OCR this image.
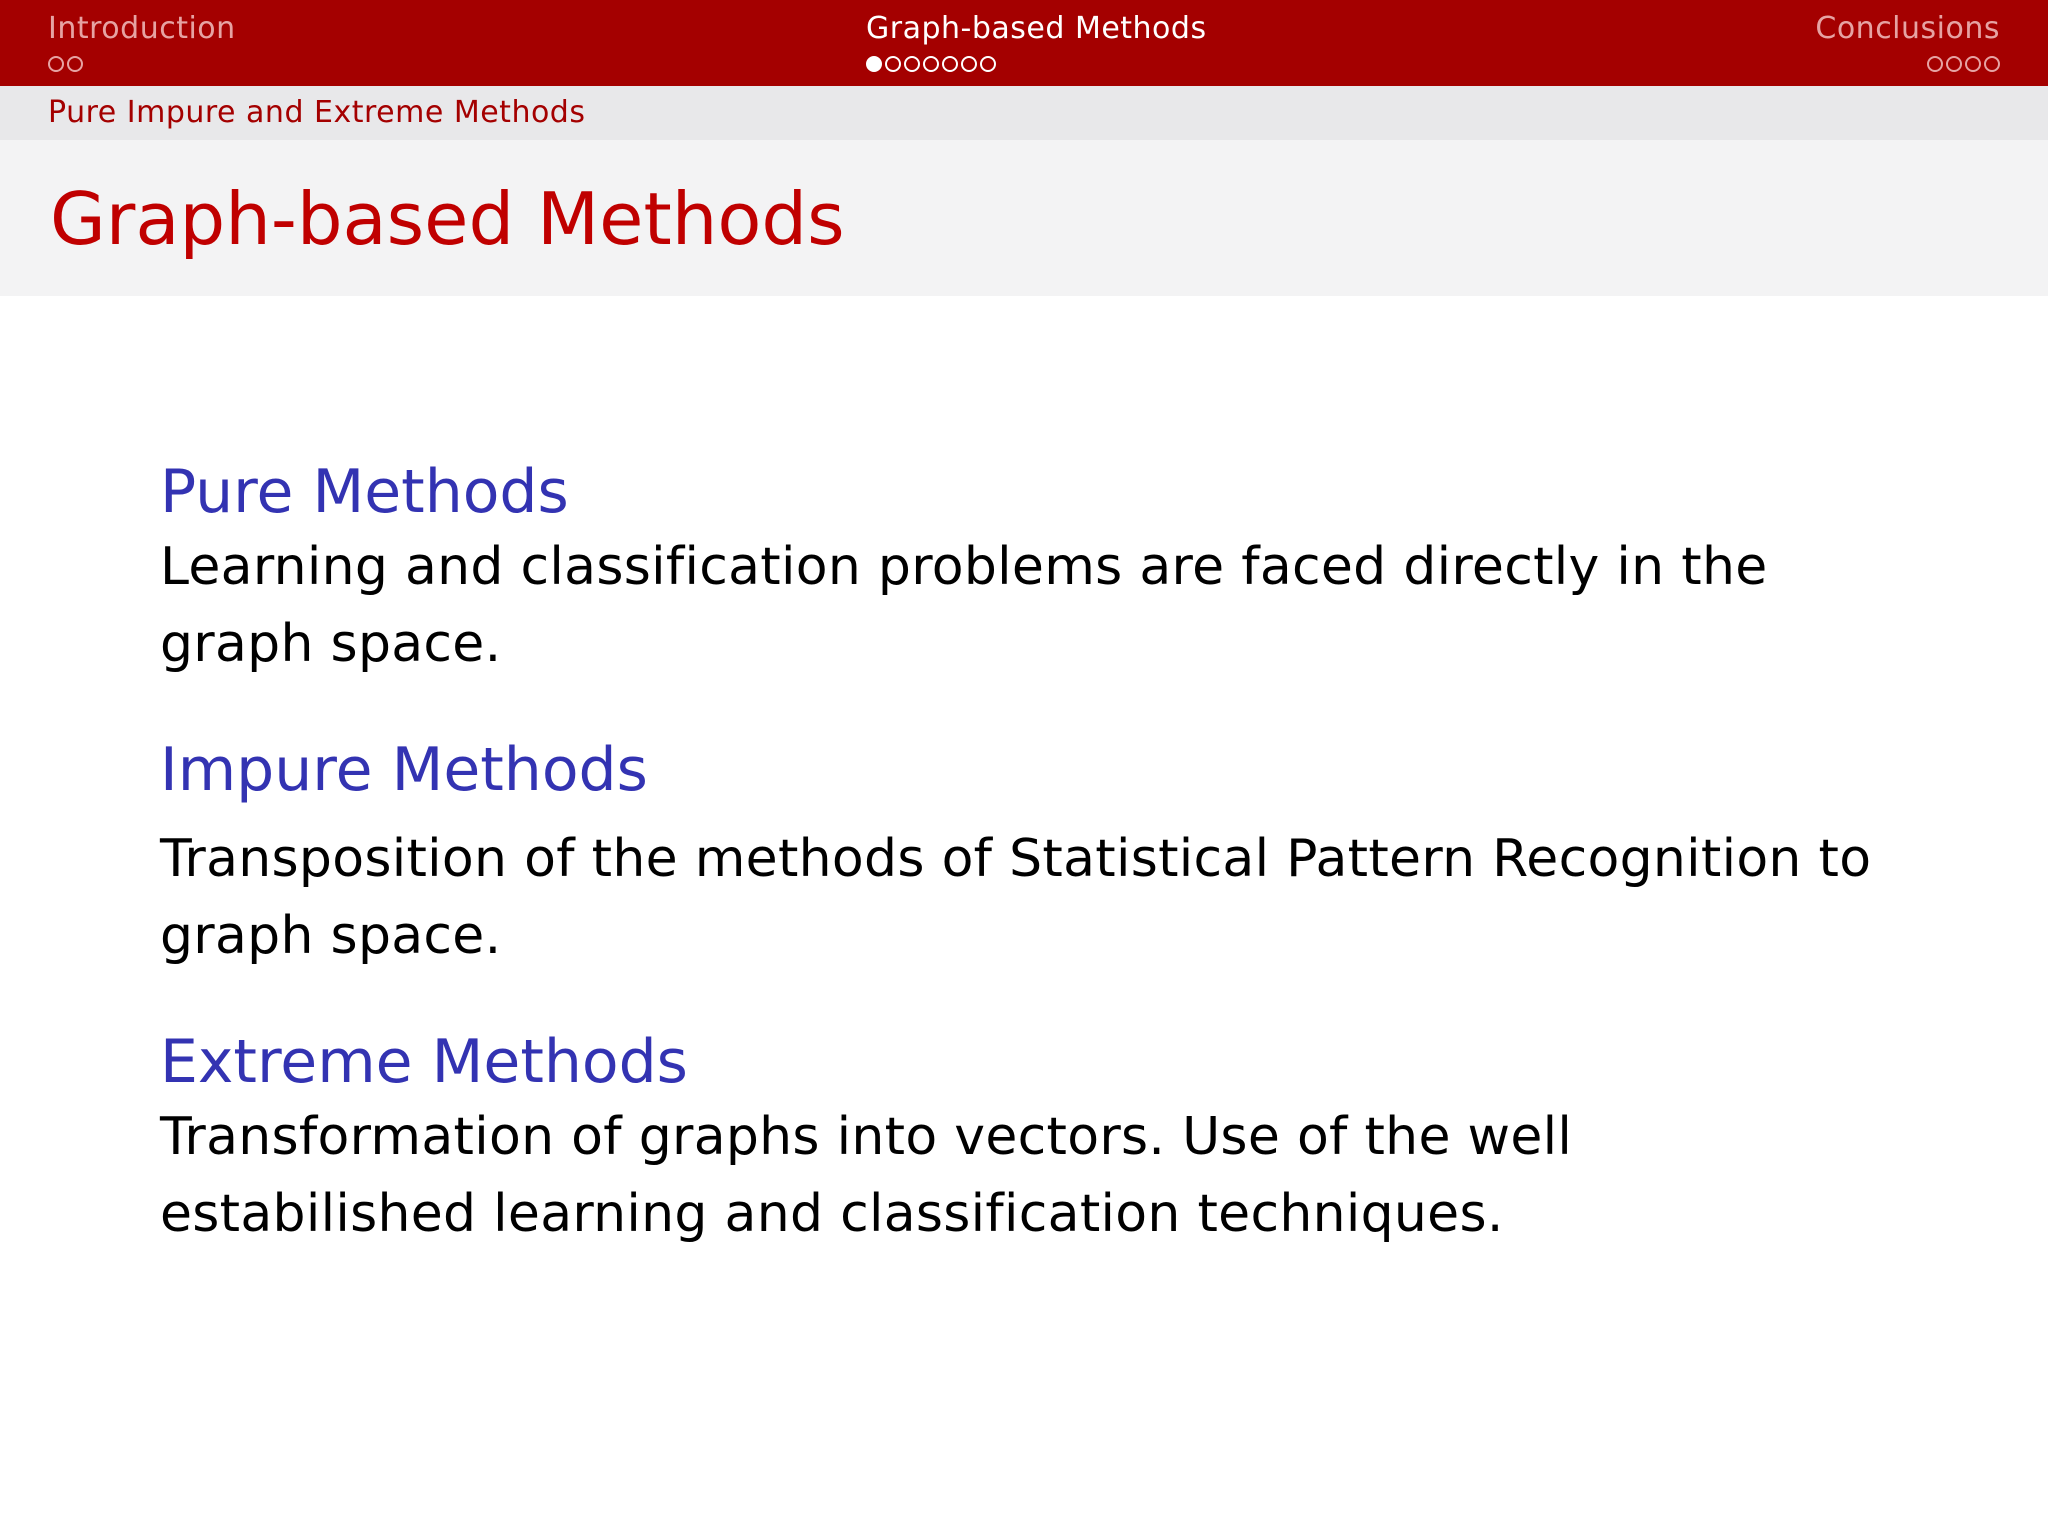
Introduction	Graph-based Methods	Conclusions
Pure Impure and Extreme Methods
Graph-based Methods
Pure Methods
Learning and classification problems are faced directly in the graph space.
Impure Methods
Transposition of the methods of Statistical Pattern Recognition to graph space.
Extreme Methods
Transformation of graphs into vectors. Use of the well estabilished learning and classification techniques.
